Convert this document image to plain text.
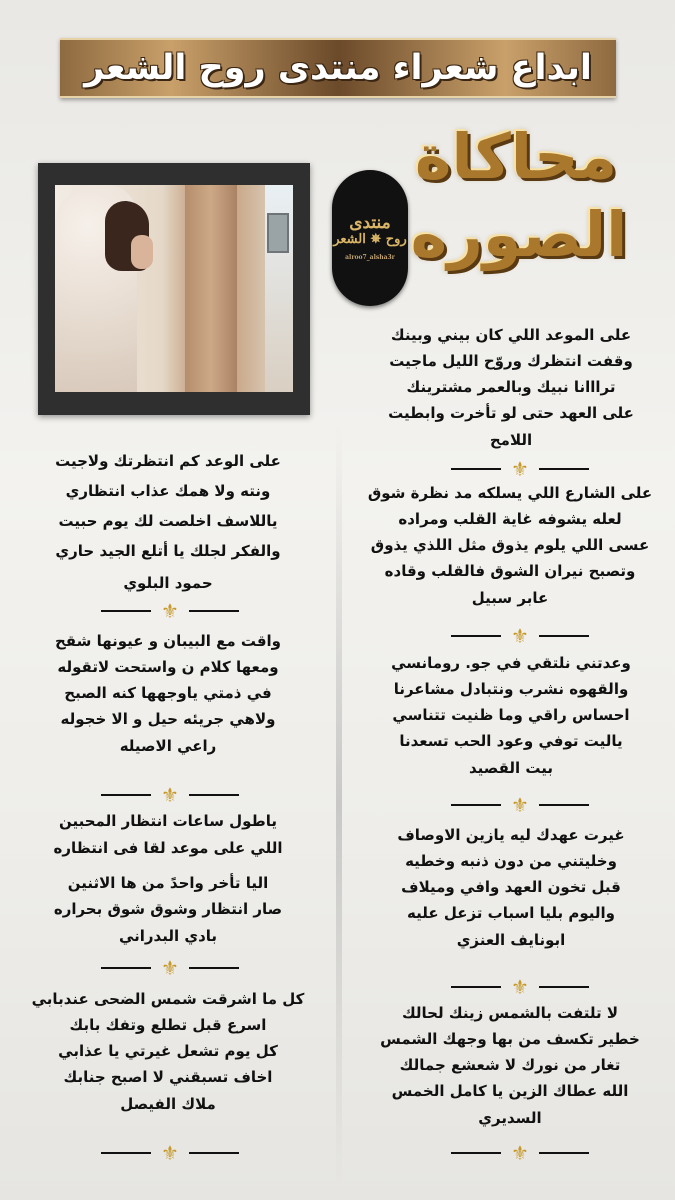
ابداع شعراء منتدى روح الشعر
محاكاة
الصوره
منتدى
روح ✵ الشعر
alroo7_alsha3r
على الموعد اللي كان بيني وبينك
وقفت انتظرك وروّح الليل ماجيت
ترااانا نبيك وبالعمر مشترينك
على العهد حتى لو تأخرت وابطيت
اللامح
⚜
على الشارع اللي يسلكه مد نظرة شوق
لعله يشوفه غاية القلب ومراده
عسى اللي يلوم يذوق مثل اللذي يذوق
وتصبح نيران الشوق فالقلب وقاده
عابر سبيل
⚜
وعدتني نلتقي في جو. رومانسي
والقهوه نشرب ونتبادل مشاعرنا
احساس راقي وما ظنيت تتناسي
ياليت توفي وعود الحب تسعدنا
بيت القصيد
⚜
غيرت عهدك ليه يازين الاوصاف
وخليتني من دون ذنبه وخطيه
قبل تخون العهد وافي وميلاف
واليوم بليا اسباب تزعل عليه
ابونايف العنزي
⚜
لا تلتفت بالشمس زينك لحالك
خطير تكسف من بها وجهك الشمس
تغار من نورك لا شعشع جمالك
الله عطاك الزين يا كامل الخمس
السديري
⚜
على الوعد كم انتظرتك ولاجيت
ونته ولا همك عذاب انتظاري
ياللاسف اخلصت لك يوم حبيت
والفكر لجلك يا أتلع الجيد حاري
حمود البلوي
⚜
واقت مع البيبان و عيونها شقح
ومعها كلام ن واستحت لاتقوله
في ذمتي ياوجهها كنه الصبح
ولاهي جريئه حيل و الا خجوله
راعي الاصيله
⚜
ياطول ساعات انتظار المحبين
اللي على موعد لقا فى انتظاره
اليا تأخر واحدً من ها الاثنين
صار انتظار وشوق شوق بحراره
بادي البدراني
⚜
كل ما اشرقت شمس الضحى عندبابي
اسرع قبل تطلع وتفك بابك
كل يوم تشعل غيرتي يا عذابي
اخاف تسبقني لا اصبح جنابك
ملاك الفيصل
⚜
